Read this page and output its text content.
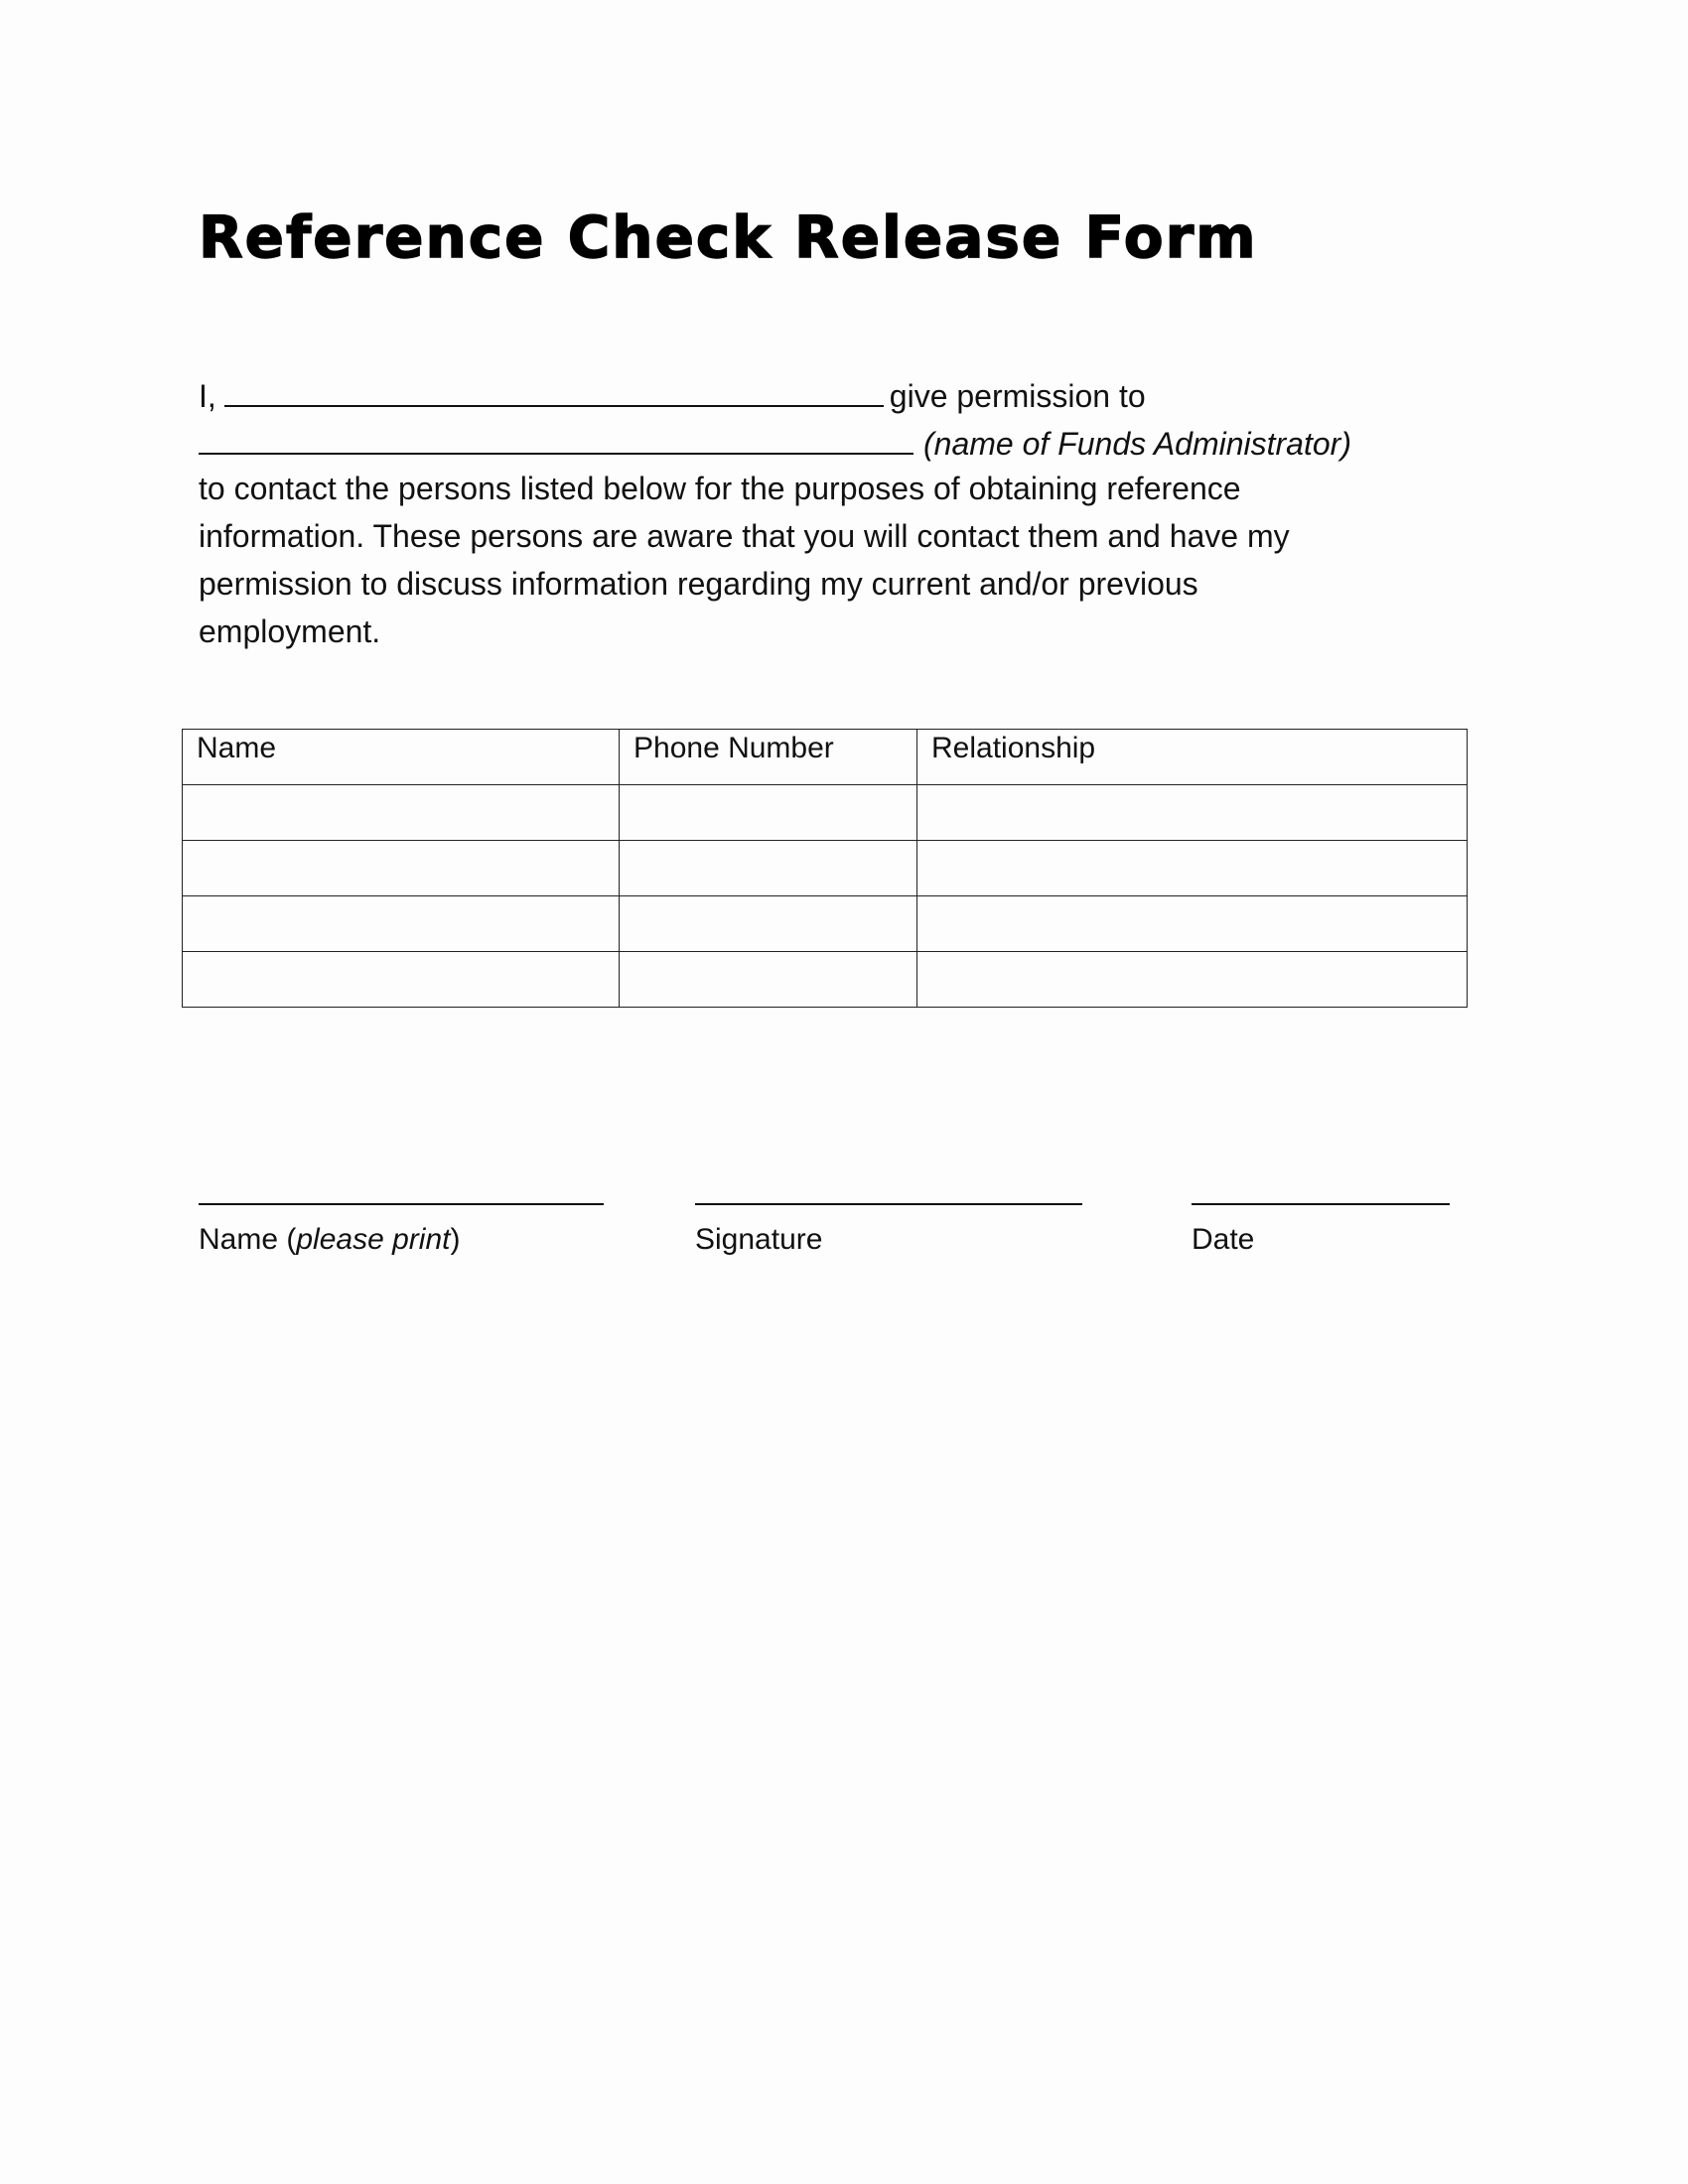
Reference Check Release Form
I,	give permission to
(name of Funds Administrator)
to contact the persons listed below for the purposes of obtaining reference
information. These persons are aware that you will contact them and have my
permission to discuss information regarding my current and/or previous
employment.
Name	Phone Number	Relationship

Name (please print)	Signature	Date
